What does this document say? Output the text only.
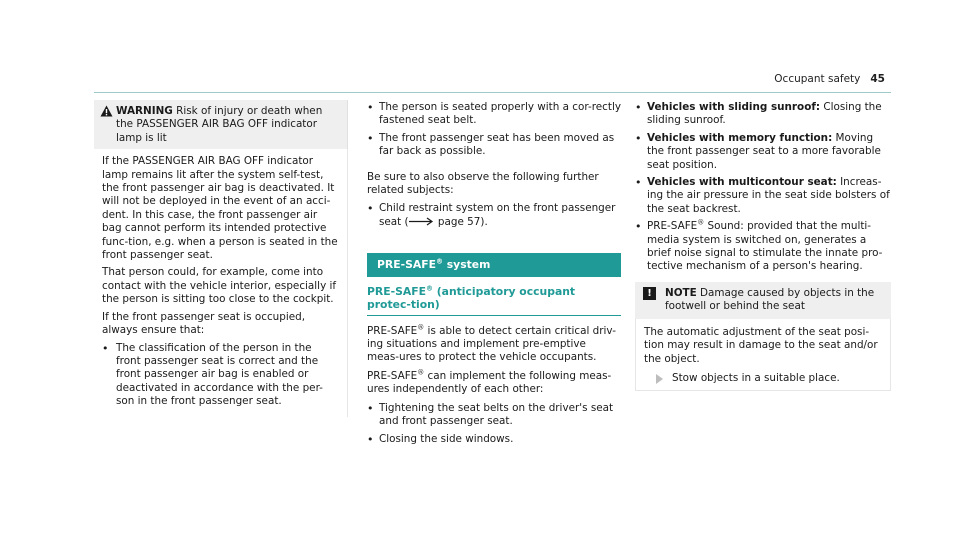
Occupant safety 45
WARNING Risk of injury or death when the PASSENGER AIR BAG OFF indicator lamp is lit

If the PASSENGER AIR BAG OFF indicator lamp remains lit after the system self-test, the front passenger air bag is deactivated. It will not be deployed in the event of an acci-dent. In this case, the front passenger air bag cannot perform its intended protective func-tion, e.g. when a person is seated in the front passenger seat.

That person could, for example, come into contact with the vehicle interior, especially if the person is sitting too close to the cockpit.

If the front passenger seat is occupied, always ensure that:

• The classification of the person in the front passenger seat is correct and the front passenger air bag is enabled or deactivated in accordance with the per-son in the front passenger seat.
• The person is seated properly with a cor-rectly fastened seat belt.
• The front passenger seat has been moved as far back as possible.

Be sure to also observe the following further related subjects:

• Child restraint system on the front passenger seat (	page 57).
PRE-SAFE® system
PRE-SAFE® (anticipatory occupant protec-tion)

PRE-SAFE® is able to detect certain critical driv-ing situations and implement pre-emptive meas-ures to protect the vehicle occupants.

PRE-SAFE® can implement the following meas-ures independently of each other:

• Tightening the seat belts on the driver's seat and front passenger seat.
• Closing the side windows.
• Vehicles with sliding sunroof: Closing the sliding sunroof.
• Vehicles with memory function: Moving the front passenger seat to a more favorable seat position.
• Vehicles with multicontour seat: Increas-ing the air pressure in the seat side bolsters of the seat backrest.
• PRE-SAFE® Sound: provided that the multi-media system is switched on, generates a brief noise signal to stimulate the innate pro-tective mechanism of a person's hearing.
!	NOTE Damage caused by objects in the footwell or behind the seat

The automatic adjustment of the seat posi-tion may result in damage to the seat and/or the object.

Stow objects in a suitable place.
